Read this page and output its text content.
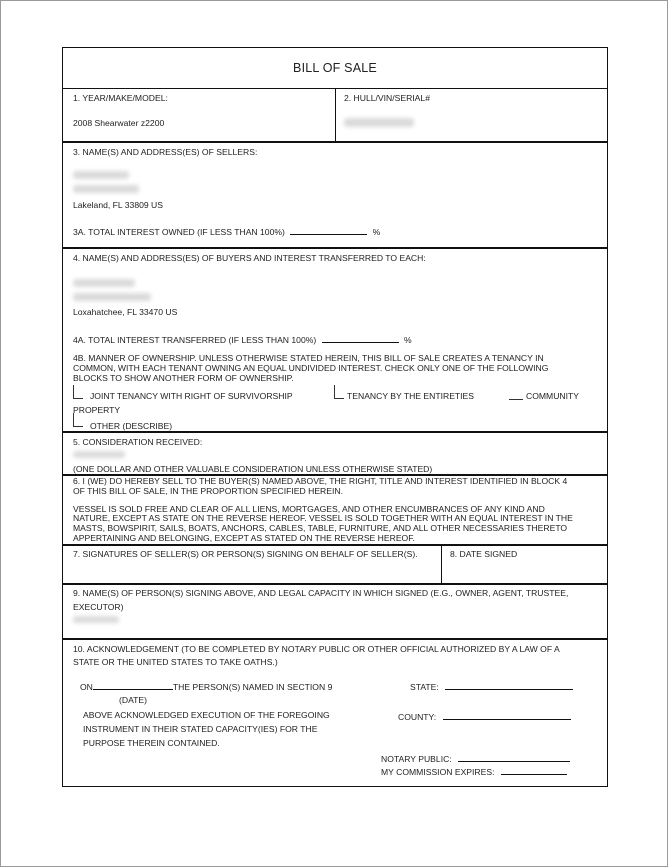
BILL OF SALE
1. YEAR/MAKE/MODEL:
2008 Shearwater z2200
2. HULL/VIN/SERIAL#
3. NAME(S) AND ADDRESS(ES) OF SELLERS:
Lakeland, FL 33809 US
3A. TOTAL INTEREST OWNED (IF LESS THAN 100%)	%
4. NAME(S) AND ADDRESS(ES) OF BUYERS AND INTEREST TRANSFERRED TO EACH:
Loxahatchee, FL 33470 US
4A. TOTAL INTEREST TRANSFERRED (IF LESS THAN 100%)	%
4B. MANNER OF OWNERSHIP. UNLESS OTHERWISE STATED HEREIN, THIS BILL OF SALE CREATES A TENANCY IN
COMMON, WITH EACH TENANT OWNING AN EQUAL UNDIVIDED INTEREST. CHECK ONLY ONE OF THE FOLLOWING
BLOCKS TO SHOW ANOTHER FORM OF OWNERSHIP.
JOINT TENANCY WITH RIGHT OF SURVIVORSHIP	TENANCY BY THE ENTIRETIES	COMMUNITY
PROPERTY
OTHER (DESCRIBE)
5. CONSIDERATION RECEIVED:
(ONE DOLLAR AND OTHER VALUABLE CONSIDERATION UNLESS OTHERWISE STATED)
6. I (WE) DO HEREBY SELL TO THE BUYER(S) NAMED ABOVE, THE RIGHT, TITLE AND INTEREST IDENTIFIED IN BLOCK 4
OF THIS BILL OF SALE, IN THE PROPORTION SPECIFIED HEREIN.
VESSEL IS SOLD FREE AND CLEAR OF ALL LIENS, MORTGAGES, AND OTHER ENCUMBRANCES OF ANY KIND AND
NATURE, EXCEPT AS STATE ON THE REVERSE HEREOF. VESSEL IS SOLD TOGETHER WITH AN EQUAL INTEREST IN THE
MASTS, BOWSPIRIT, SAILS, BOATS, ANCHORS, CABLES, TABLE, FURNITURE, AND ALL OTHER NECESSARIES THERETO
APPERTAINING AND BELONGING, EXCEPT AS STATED ON THE REVERSE HEREOF.
7. SIGNATURES OF SELLER(S) OR PERSON(S) SIGNING ON BEHALF OF SELLER(S).	8. DATE SIGNED
9. NAME(S) OF PERSON(S) SIGNING ABOVE, AND LEGAL CAPACITY IN WHICH SIGNED (E.G., OWNER, AGENT, TRUSTEE,
EXECUTOR)
10. ACKNOWLEDGEMENT (TO BE COMPLETED BY NOTARY PUBLIC OR OTHER OFFICIAL AUTHORIZED BY A LAW OF A
STATE OR THE UNITED STATES TO TAKE OATHS.)
ON	THE PERSON(S) NAMED IN SECTION 9
(DATE)
ABOVE ACKNOWLEDGED EXECUTION OF THE FOREGOING
INSTRUMENT IN THEIR STATED CAPACITY(IES) FOR THE
PURPOSE THEREIN CONTAINED.
STATE:
COUNTY:
NOTARY PUBLIC:
MY COMMISSION EXPIRES:
